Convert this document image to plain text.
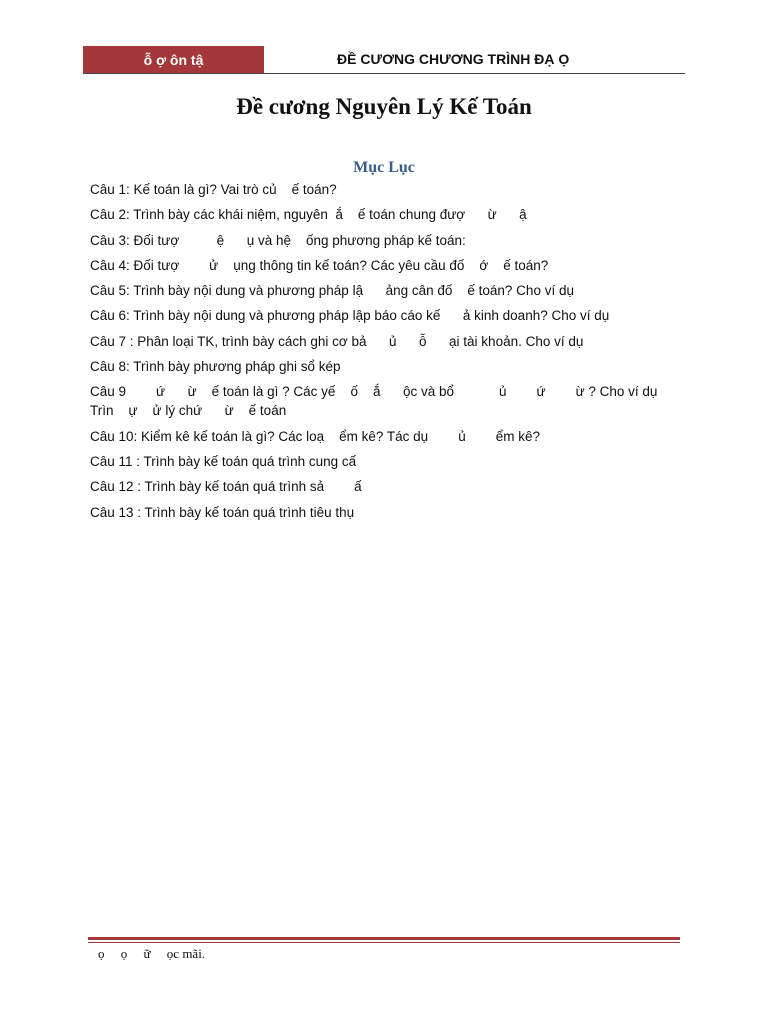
ỗ ợ ôn tậ	ĐỀ CƯƠNG CHƯƠNG TRÌNH ĐẠ Ọ
Đề cương Nguyên Lý Kế Toán
Mục Lục
Câu 1: Kế toán là gì? Vai trò củ    ế toán?
Câu 2: Trình bày các khái niệm, nguyên  ắ    ế toán chung đượ      ừ      ậ
Câu 3: Đối tượ          ệ      ụ và hệ    ống phương pháp kế toán:
Câu 4: Đối tượ        ử    ụng thông tin kế toán? Các yêu cầu đố    ớ    ế toán?
Câu 5: Trình bày nội dung và phương pháp lậ      ảng cân đố    ế toán? Cho ví dụ
Câu 6: Trình bày nội dung và phương pháp lập báo cáo kế      ả kinh doanh? Cho ví dụ
Câu 7 : Phân loại TK, trình bày cách ghi cơ bả      ủ      ỗ      ại tài khoản. Cho ví dụ
Câu 8: Trình bày phương pháp ghi sổ kép
Câu 9        ứ      ừ    ế toán là gì ? Các yế    ố    ắ      ộc và bổ            ủ        ứ        ừ ? Cho ví dụ
Trìn    ự    ử lý chứ      ừ    ế toán
Câu 10: Kiểm kê kế toán là gì? Các loạ    ểm kê? Tác dụ        ủ        ểm kê?
Câu 11 : Trình bày kế toán quá trình cung cấ
Câu 12 : Trình bày kế toán quá trình sả        ấ
Câu 13 : Trình bày kế toán quá trình tiêu thụ
ọ     ọ     ữ     ọc mãi.
